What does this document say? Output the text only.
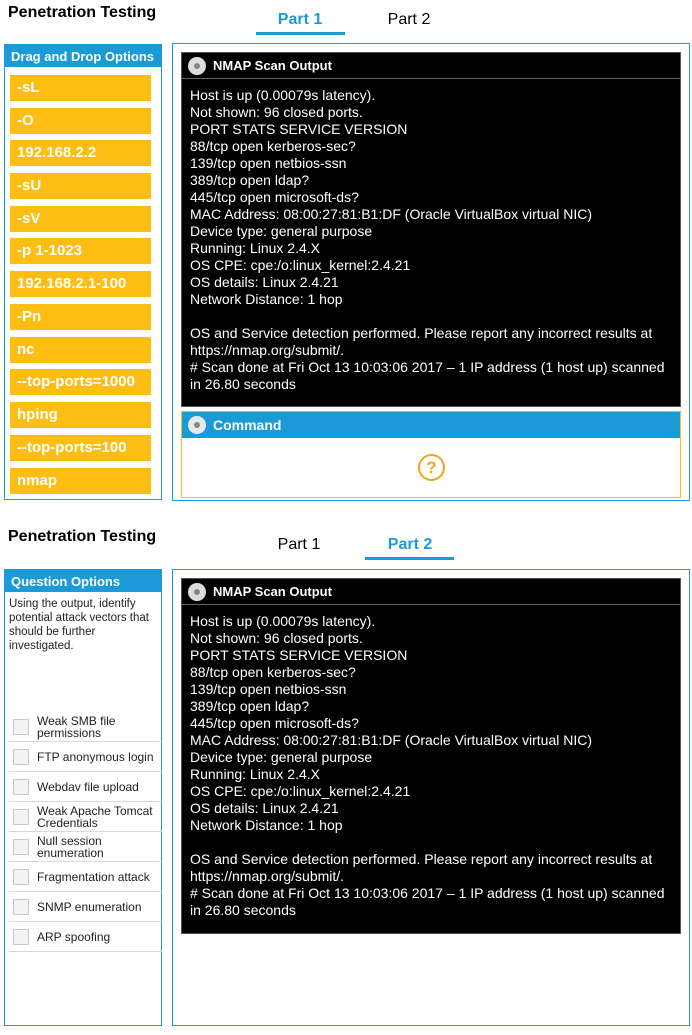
Penetration Testing	Part 1	Part 2
Drag and Drop Options
-sL
-O
192.168.2.2
-sU
-sV
-p 1-1023
192.168.2.1-100
-Pn
nc
--top-ports=1000
hping
--top-ports=100
nmap
NMAP Scan Output
Host is up (0.00079s latency).
Not shown: 96 closed ports.
PORT STATS SERVICE VERSION
88/tcp open kerberos-sec?
139/tcp open netbios-ssn
389/tcp open ldap?
445/tcp open microsoft-ds?
MAC Address: 08:00:27:81:B1:DF (Oracle VirtualBox virtual NIC)
Device type: general purpose
Running: Linux 2.4.X
OS CPE: cpe:/o:linux_kernel:2.4.21
OS details: Linux 2.4.21
Network Distance: 1 hop

OS and Service detection performed. Please report any incorrect results at https://nmap.org/submit/.
# Scan done at Fri Oct 13 10:03:06 2017 – 1 IP address (1 host up) scanned in 26.80 seconds
Command
?
Penetration Testing	Part 1	Part 2
Question Options
Using the output, identify potential attack vectors that should be further investigated.
Weak SMB file permissions
FTP anonymous login
Webdav file upload
Weak Apache Tomcat Credentials
Null session enumeration
Fragmentation attack
SNMP enumeration
ARP spoofing
NMAP Scan Output
Host is up (0.00079s latency).
Not shown: 96 closed ports.
PORT STATS SERVICE VERSION
88/tcp open kerberos-sec?
139/tcp open netbios-ssn
389/tcp open ldap?
445/tcp open microsoft-ds?
MAC Address: 08:00:27:81:B1:DF (Oracle VirtualBox virtual NIC)
Device type: general purpose
Running: Linux 2.4.X
OS CPE: cpe:/o:linux_kernel:2.4.21
OS details: Linux 2.4.21
Network Distance: 1 hop

OS and Service detection performed. Please report any incorrect results at https://nmap.org/submit/.
# Scan done at Fri Oct 13 10:03:06 2017 – 1 IP address (1 host up) scanned in 26.80 seconds
